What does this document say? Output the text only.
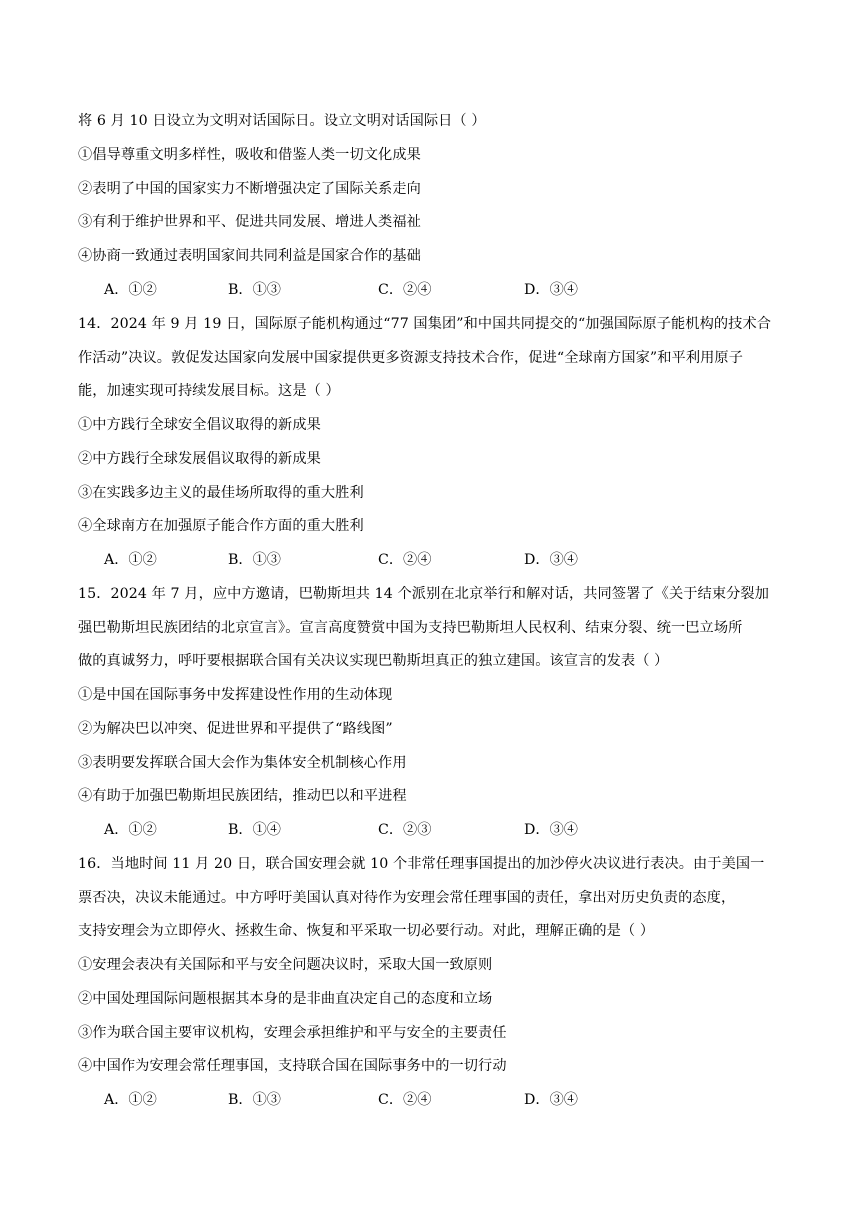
将 6 月 10 日设立为文明对话国际日。设立文明对话国际日（ ）
①倡导尊重文明多样性，吸收和借鉴人类一切文化成果
②表明了中国的国家实力不断增强决定了国际关系走向
③有利于维护世界和平、促进共同发展、增进人类福祉
④协商一致通过表明国家间共同利益是国家合作的基础
A．①②	B．①③	C．②④	D．③④
14．2024 年 9 月 19 日，国际原子能机构通过“77 国集团”和中国共同提交的“加强国际原子能机构的技术合
作活动”决议。敦促发达国家向发展中国家提供更多资源支持技术合作，促进“全球南方国家”和平利用原子
能，加速实现可持续发展目标。这是（ ）
①中方践行全球安全倡议取得的新成果
②中方践行全球发展倡议取得的新成果
③在实践多边主义的最佳场所取得的重大胜利
④全球南方在加强原子能合作方面的重大胜利
A．①②	B．①③	C．②④	D．③④
15．2024 年 7 月，应中方邀请，巴勒斯坦共 14 个派别在北京举行和解对话，共同签署了《关于结束分裂加
强巴勒斯坦民族团结的北京宣言》。宣言高度赞赏中国为支持巴勒斯坦人民权利、结束分裂、统一巴立场所
做的真诚努力，呼吁要根据联合国有关决议实现巴勒斯坦真正的独立建国。该宣言的发表（ ）
①是中国在国际事务中发挥建设性作用的生动体现
②为解决巴以冲突、促进世界和平提供了“路线图”
③表明要发挥联合国大会作为集体安全机制核心作用
④有助于加强巴勒斯坦民族团结，推动巴以和平进程
A．①②	B．①④	C．②③	D．③④
16．当地时间 11 月 20 日，联合国安理会就 10 个非常任理事国提出的加沙停火决议进行表决。由于美国一
票否决，决议未能通过。中方呼吁美国认真对待作为安理会常任理事国的责任，拿出对历史负责的态度，
支持安理会为立即停火、拯救生命、恢复和平采取一切必要行动。对此，理解正确的是（ ）
①安理会表决有关国际和平与安全问题决议时，采取大国一致原则
②中国处理国际问题根据其本身的是非曲直决定自己的态度和立场
③作为联合国主要审议机构，安理会承担维护和平与安全的主要责任
④中国作为安理会常任理事国，支持联合国在国际事务中的一切行动
A．①②	B．①③	C．②④	D．③④
